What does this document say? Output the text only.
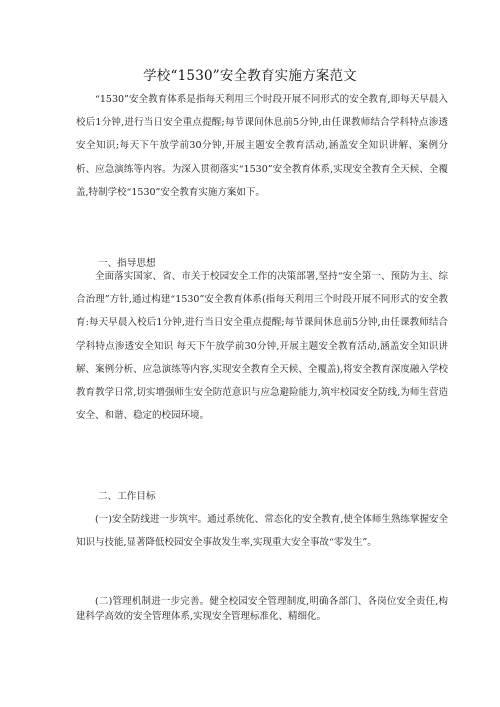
学校“1530”安全教育实施方案范文
“1530”安全教育体系是指每天利用三个时段开展不同形式的安全教育,即每天早晨入校后1分钟,进行当日安全重点提醒;每节课间休息前5分钟,由任课教师结合学科特点渗透安全知识;每天下午放学前30分钟,开展主题安全教育活动,涵盖安全知识讲解、案例分析、应急演练等内容。为深入贯彻落实“1530”安全教育体系,实现安全教育全天候、全覆盖,特制学校“1530”安全教育实施方案如下。
一、指导思想
全面落实国家、省、市关于校园安全工作的决策部署,坚持“安全第一、预防为主、综合治理”方针,通过构建“1530”安全教育体系(指每天利用三个时段开展不同形式的安全教育:每天早晨入校后1分钟,进行当日安全重点提醒;每节课间休息前5分钟,由任课教师结合学科特点渗透安全知识 每天下午放学前30分钟,开展主题安全教育活动,涵盖安全知识讲解、案例分析、应急演练等内容,实现安全教育全天候、全覆盖),将安全教育深度融入学校教育教学日常,切实增强师生安全防范意识与应急避险能力,筑牢校园安全防线,为师生营造安全、和谐、稳定的校园环境。
二、工作目标
(一)安全防线进一步筑牢。通过系统化、常态化的安全教育,使全体师生熟练掌握安全知识与技能,显著降低校园安全事故发生率,实现重大安全事故“零发生”。
(二)管理机制进一步完善。健全校园安全管理制度,明确各部门、各岗位安全责任,构建科学高效的安全管理体系,实现安全管理标准化、精细化。
